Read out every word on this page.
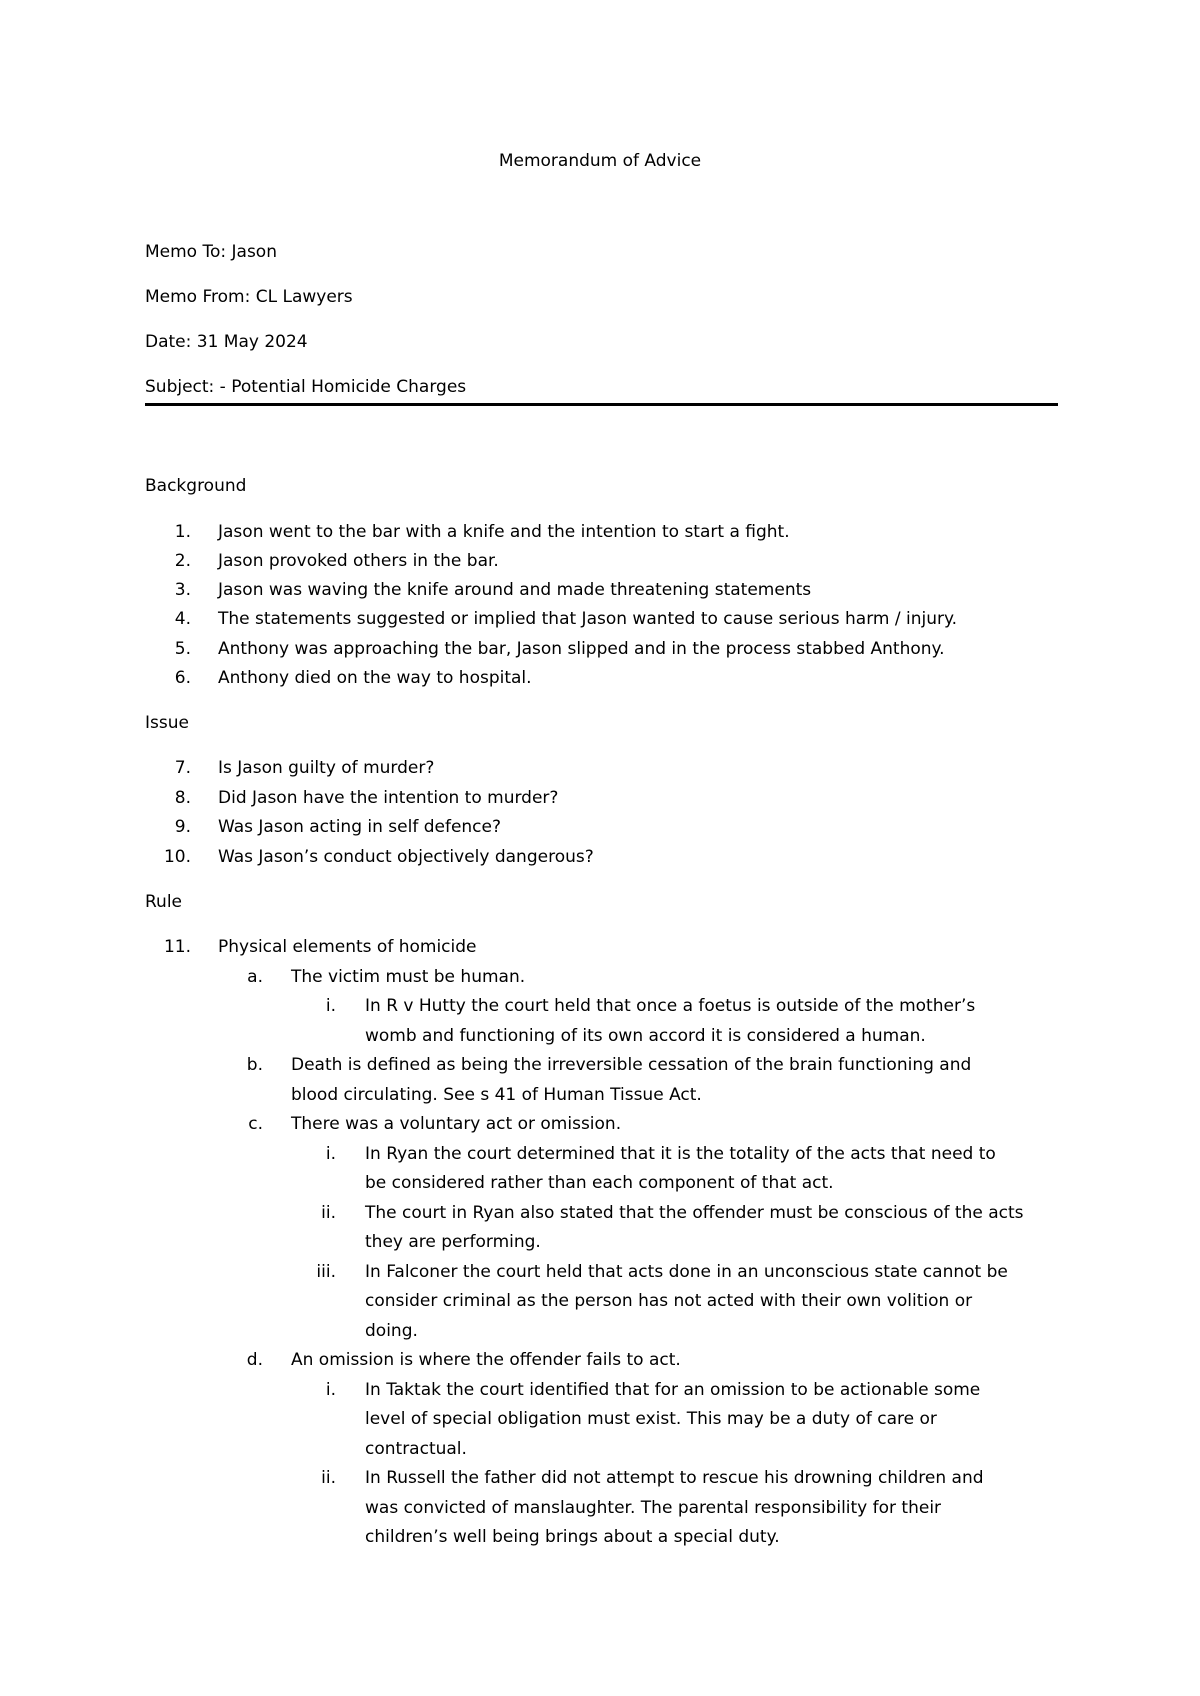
Memorandum of Advice
Memo To: Jason
Memo From: CL Lawyers
Date: 31 May 2024
Subject: - Potential Homicide Charges
Background
1. Jason went to the bar with a knife and the intention to start a fight.
2. Jason provoked others in the bar.
3. Jason was waving the knife around and made threatening statements
4. The statements suggested or implied that Jason wanted to cause serious harm / injury.
5. Anthony was approaching the bar, Jason slipped and in the process stabbed Anthony.
6. Anthony died on the way to hospital.
Issue
7. Is Jason guilty of murder?
8. Did Jason have the intention to murder?
9. Was Jason acting in self defence?
10. Was Jason’s conduct objectively dangerous?
Rule
11. Physical elements of homicide
a. The victim must be human.
i. In R v Hutty the court held that once a foetus is outside of the mother’s
womb and functioning of its own accord it is considered a human.
b. Death is defined as being the irreversible cessation of the brain functioning and
blood circulating. See s 41 of Human Tissue Act.
c. There was a voluntary act or omission.
i. In Ryan the court determined that it is the totality of the acts that need to
be considered rather than each component of that act.
ii. The court in Ryan also stated that the offender must be conscious of the acts
they are performing.
iii. In Falconer the court held that acts done in an unconscious state cannot be
consider criminal as the person has not acted with their own volition or
doing.
d. An omission is where the offender fails to act.
i. In Taktak the court identified that for an omission to be actionable some
level of special obligation must exist. This may be a duty of care or
contractual.
ii. In Russell the father did not attempt to rescue his drowning children and
was convicted of manslaughter. The parental responsibility for their
children’s well being brings about a special duty.
